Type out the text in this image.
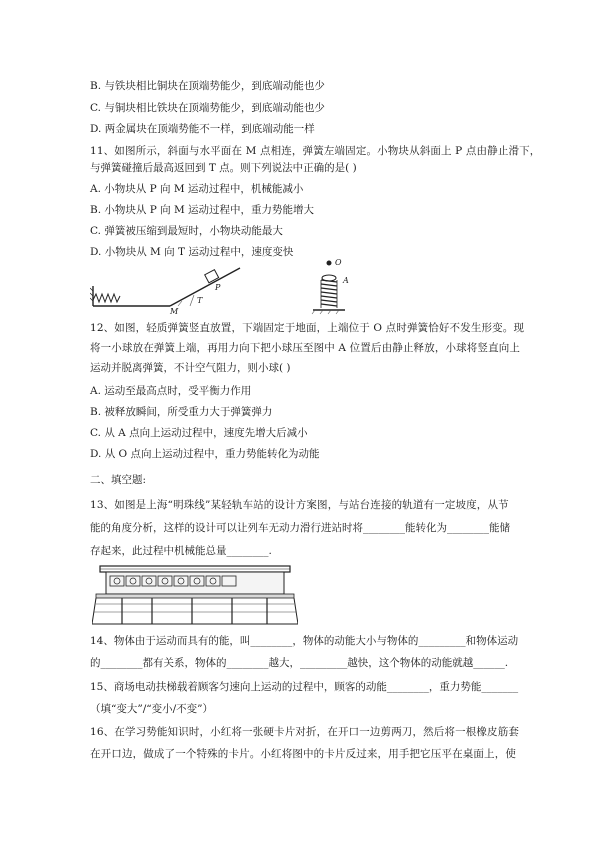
B. 与铁块相比铜块在顶端势能少，到底端动能也少
C. 与铜块相比铁块在顶端势能少，到底端动能也少
D. 两金属块在顶端势能不一样，到底端动能一样
11、如图所示，斜面与水平面在 M 点相连，弹簧左端固定。小物块从斜面上 P 点由静止滑下，
与弹簧碰撞后最高返回到 T 点。则下列说法中正确的是( )
A. 小物块从 P 向 M 运动过程中，机械能减小
B. 小物块从 P 向 M 运动过程中，重力势能增大
C. 弹簧被压缩到最短时，小物块动能最大
D. 小物块从 M 向 T 运动过程中，速度变快
P
T
M
O
A
12、如图，轻质弹簧竖直放置，下端固定于地面，上端位于 O 点时弹簧恰好不发生形变。现
将一小球放在弹簧上端，再用力向下把小球压至图中 A 位置后由静止释放，小球将竖直向上
运动并脱离弹簧，不计空气阻力，则小球( )
A. 运动至最高点时，受平衡力作用
B. 被释放瞬间，所受重力大于弹簧弹力
C. 从 A 点向上运动过程中，速度先增大后减小
D. 从 O 点向上运动过程中，重力势能转化为动能
二、填空题:
13、如图是上海“明珠线”某轻轨车站的设计方案图，与站台连接的轨道有一定坡度，从节
能的角度分析，这样的设计可以让列车无动力滑行进站时将________能转化为________能储
存起来，此过程中机械能总量________.
14、物体由于运动而具有的能，叫________，物体的动能大小与物体的_________和物体运动
的________都有关系，物体的________越大，_________越快，这个物体的动能就越______.
15、商场电动扶梯载着顾客匀速向上运动的过程中，顾客的动能________，重力势能_______
（填“变大”/“变小/不变”）
16、在学习势能知识时，小红将一张硬卡片对折，在开口一边剪两刀，然后将一根橡皮筋套
在开口边，做成了一个特殊的卡片。小红将图中的卡片反过来，用手把它压平在桌面上，使
